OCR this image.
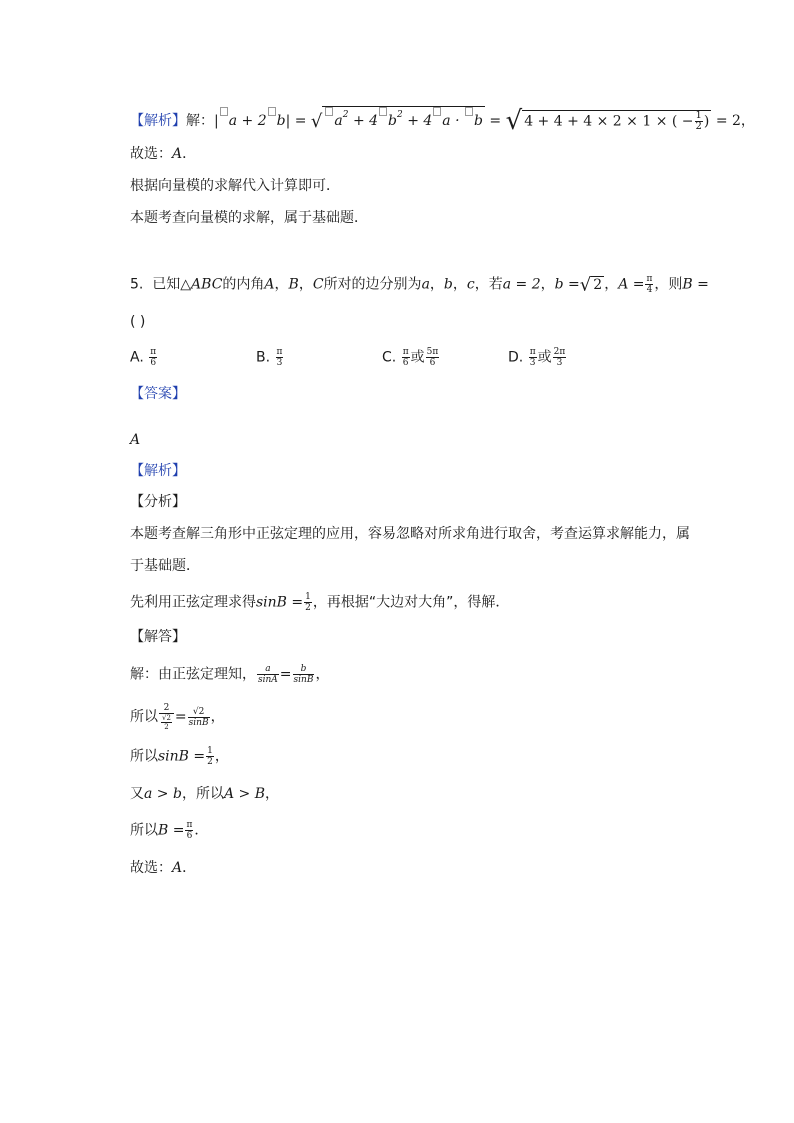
【解析】解：| a + 2 b| = √ $a^2 + 4$ $b^2 + 4$ a · b = √ 4 + 4 + 4 × 2 × 1 × ( − $\frac{1}{2}$ ) = 2，
故选：A．
根据向量模的求解代入计算即可．
本题考查向量模的求解，属于基础题．
5. 已知△ABC的内角A，B，C所对的边分别为a，b，c，若a = 2，b =√ 2 ，$A = \frac{\pi}{4}$ ，则B =
( )
A. $\frac{\pi}{6}$	B. $\frac{\pi}{3}$	C. $\frac{\pi}{6}$ 或 $\frac{5\pi}{6}$	D. $\frac{\pi}{3}$ 或 $\frac{2\pi}{3}$
【答案】
A
【解析】
【分析】
本题考查解三角形中正弦定理的应用，容易忽略对所求角进行取舍，考查运算求解能力，属
于基础题．
先利用正弦定理求得$\sin B = \frac{1}{2}$ ，再根据“大边对大角”，得解．
【解答】
解：由正弦定理知， $\frac{a}{\sin A} = \frac{b}{\sin B}$ ，
所以 $\frac{2}{\frac{√2}{2}} = \frac{√2}{\sin B}$ ，
所以$\sin B = \frac{1}{2}$ ，
又a > b，所以A > B，
所以$B = \frac{\pi}{6}$ ．
故选：A．
